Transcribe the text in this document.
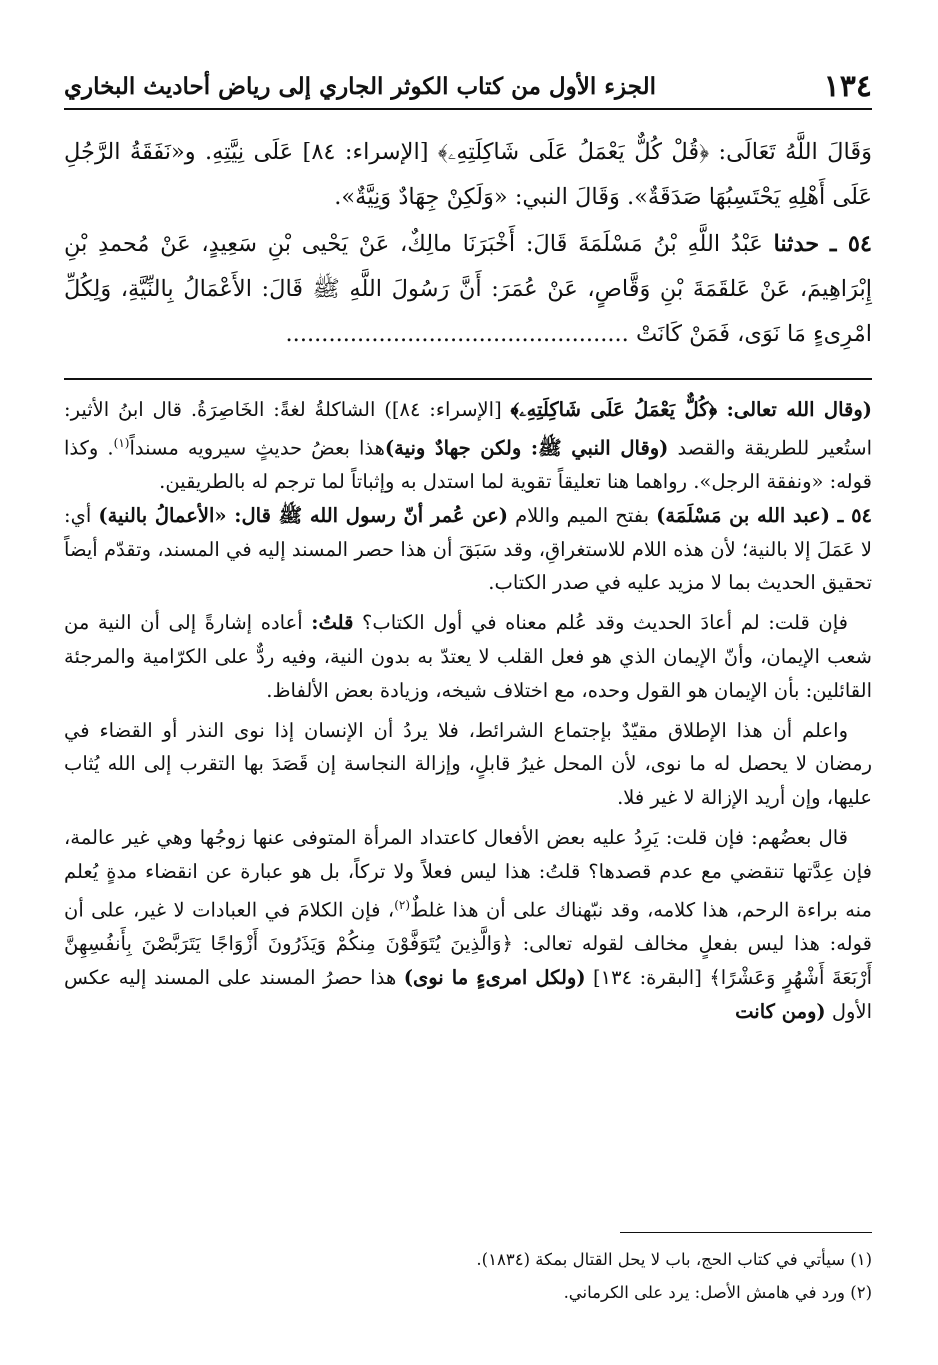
١٣٤
الجزء الأول من كتاب الكوثر الجاري إلى رياض أحاديث البخاري

وَقَالَ اللَّهُ تَعَالَى: ﴿قُلْ كُلٌّ يَعْمَلُ عَلَى شَاكِلَتِهِۦ﴾ [الإسراء: ٨٤] عَلَى نِيَّتِهِ. و«نَفَقَةُ الرَّجُلِ عَلَى أَهْلِهِ يَحْتَسِبُهَا صَدَقَةٌ». وَقَالَ النبي: «وَلَكِنْ جِهَادٌ وَنِيَّةٌ».

٥٤ ـ حدثنا عَبْدُ اللَّهِ بْنُ مَسْلَمَةَ قَالَ: أَخْبَرَنَا مالِكٌ، عَنْ يَحْيى بْنِ سَعِيدٍ، عَنْ مُحمدِ بْنِ إِبْرَاهِيمَ، عَنْ عَلقَمَةَ بْنِ وَقَّاصٍ، عَنْ عُمَرَ: أَنَّ رَسُولَ اللَّهِ ﷺ قَالَ: الأَعْمَالُ بِالنِّيَّةِ، وَلِكُلِّ امْرِىءٍ مَا نَوَى، فَمَنْ كَانَتْ ................................................

(وقال الله تعالى: ﴿كُلٌّ يَعْمَلُ عَلَى شَاكِلَتِهِۦ﴾ [الإسراء: ٨٤]) الشاكلةُ لغةً: الخَاصِرَةُ. قال ابنُ الأثير: استُعير للطريقة والقصد (وقال النبي ﷺ: ولكن جهادٌ ونية)هذا بعضُ حديثٍ سيرويه مسنداً$^{(١)}$. وكذا قوله: «ونفقة الرجل». رواهما هنا تعليقاً تقوية لما استدل به وإثباتاً لما ترجم له بالطريقين.

٥٤ ـ (عبد الله بن مَسْلَمَة) بفتح الميم واللام (عن عُمر أنّ رسول الله ﷺ قال: «الأعمالُ بالنية) أي: لا عَمَلَ إلا بالنية؛ لأن هذه اللام للاستغراقِ، وقد سَبَقَ أن هذا حصر المسند إليه في المسند، وتقدّم أيضاً تحقيق الحديث بما لا مزيد عليه في صدر الكتاب.

فإن قلت: لم أعادَ الحديث وقد عُلم معناه في أول الكتاب؟ قلتُ: أعاده إشارةً إلى أن النية من شعب الإيمان، وأنّ الإيمان الذي هو فعل القلب لا يعتدّ به بدون النية، وفيه ردٌّ على الكرّامية والمرجئة القائلين: بأن الإيمان هو القول وحده، مع اختلاف شيخه، وزيادة بعض الألفاظ.

واعلم أن هذا الإطلاق مقيّدٌ بإجتماع الشرائط، فلا يردُ أن الإنسان إذا نوى النذر أو القضاء في رمضان لا يحصل له ما نوى، لأن المحل غيرُ قابلٍ، وإزالة النجاسة إن قَصَدَ بها التقرب إلى الله يُثاب عليها، وإن أريد الإزالة لا غير فلا.

قال بعضُهم: فإن قلت: يَرِدُ عليه بعض الأفعال كاعتداد المرأة المتوفى عنها زوجُها وهي غير عالمة، فإن عِدَّتها تنقضي مع عدم قصدها؟ قلتُ: هذا ليس فعلاً ولا تركاً، بل هو عبارة عن انقضاء مدةٍ يُعلم منه براءة الرحم، هذا كلامه، وقد نبّهناك على أن هذا غلطٌ$^{(٢)}$، فإن الكلامَ في العبادات لا غير، على أن قوله: هذا ليس بفعلٍ مخالف لقوله تعالى: ﴿وَالَّذِينَ يُتَوَفَّوْنَ مِنكُمْ وَيَذَرُونَ أَزْوَاجًا يَتَرَبَّصْنَ بِأَنفُسِهِنَّ أَرْبَعَةَ أَشْهُرٍ وَعَشْرًا﴾ [البقرة: ١٣٤] (ولكل امرىءٍ ما نوى) هذا حصرُ المسند على المسند إليه عكس الأول (ومن كانت

(١) سيأتي في كتاب الحج، باب لا يحل القتال بمكة (١٨٣٤).

(٢) ورد في هامش الأصل: يرد على الكرماني.
